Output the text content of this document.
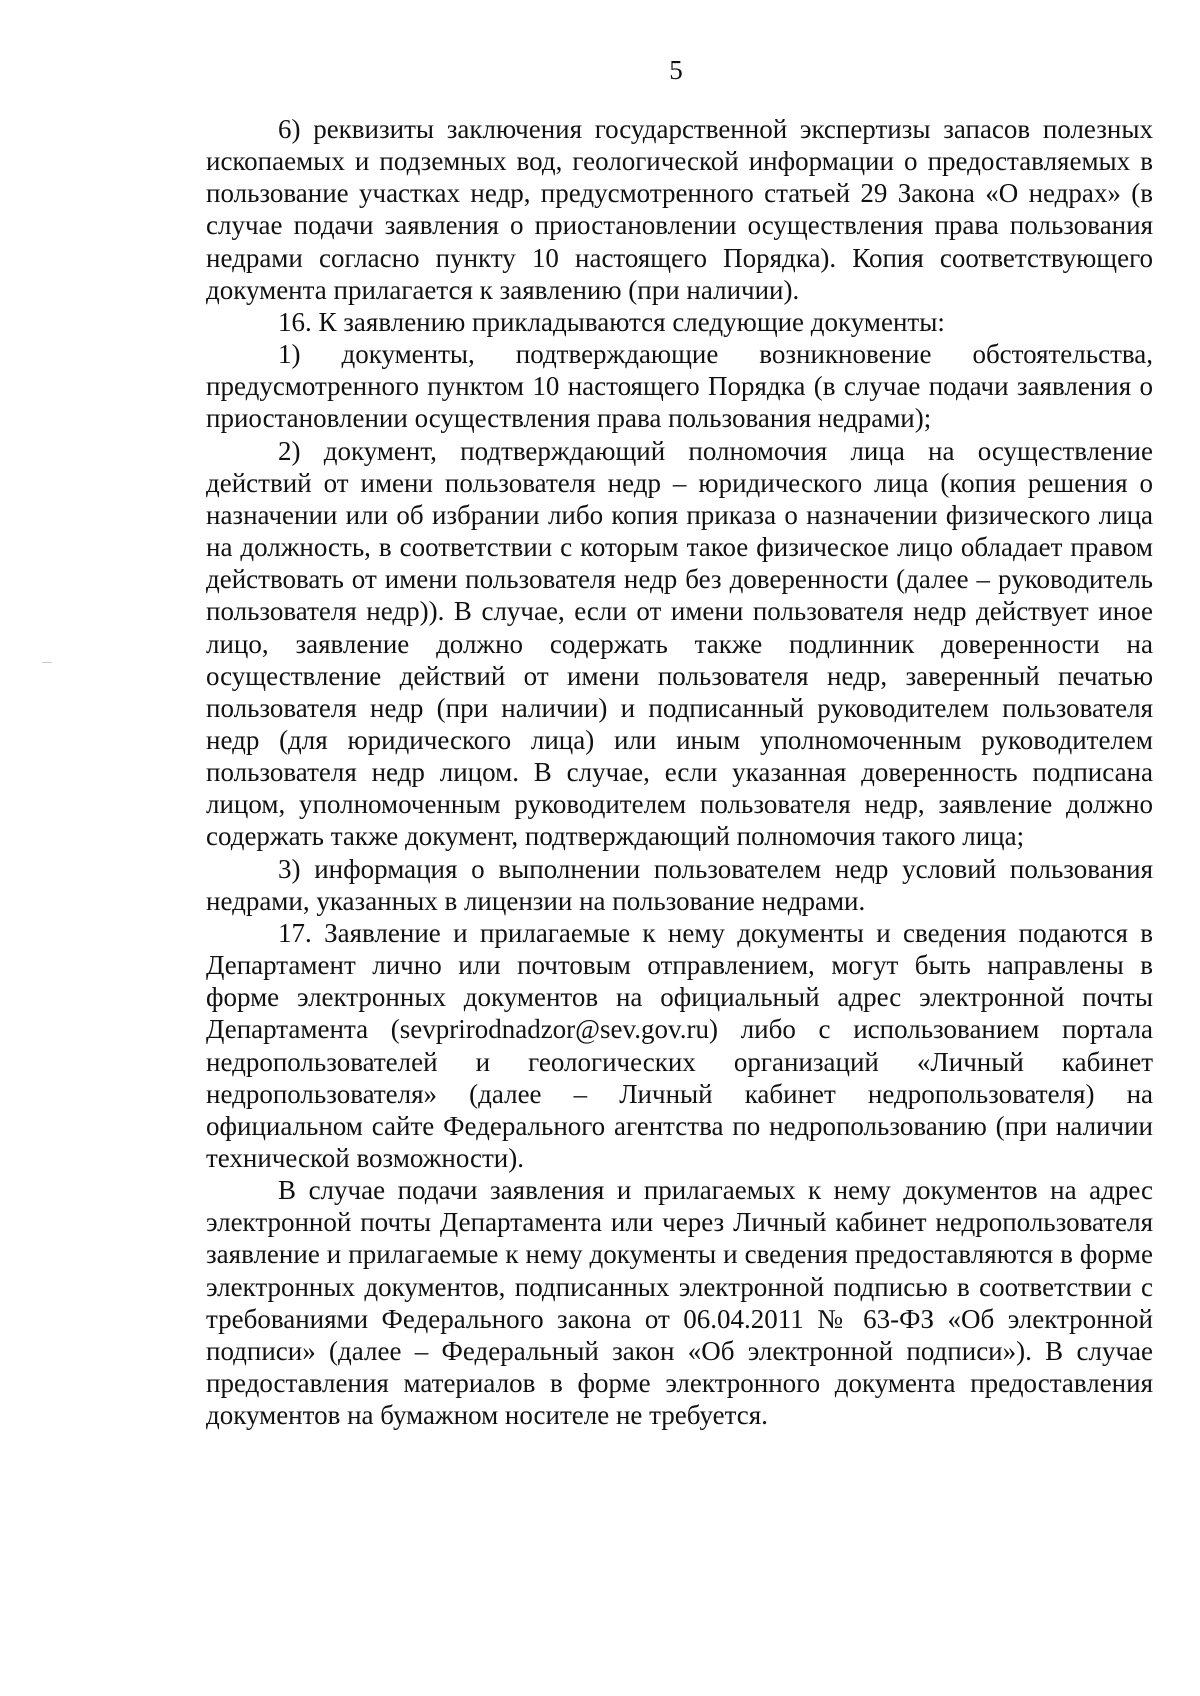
5

6) реквизиты заключения государственной экспертизы запасов полезных ископаемых и подземных вод, геологической информации о предоставляемых в пользование участках недр, предусмотренного статьей 29 Закона «О недрах» (в случае подачи заявления о приостановлении осуществления права пользования недрами согласно пункту 10 настоящего Порядка). Копия соответствующего документа прилагается к заявлению (при наличии).

16. К заявлению прикладываются следующие документы:

1) документы, подтверждающие возникновение обстоятельства, предусмотренного пунктом 10 настоящего Порядка (в случае подачи заявления о приостановлении осуществления права пользования недрами);

2) документ, подтверждающий полномочия лица на осуществление действий от имени пользователя недр – юридического лица (копия решения о назначении или об избрании либо копия приказа о назначении физического лица на должность, в соответствии с которым такое физическое лицо обладает правом действовать от имени пользователя недр без доверенности (далее – руководитель пользователя недр)). В случае, если от имени пользователя недр действует иное лицо, заявление должно содержать также подлинник доверенности на осуществление действий от имени пользователя недр, заверенный печатью пользователя недр (при наличии) и подписанный руководителем пользователя недр (для юридического лица) или иным уполномоченным руководителем пользователя недр лицом. В случае, если указанная доверенность подписана лицом, уполномоченным руководителем пользователя недр, заявление должно содержать также документ, подтверждающий полномочия такого лица;

3) информация о выполнении пользователем недр условий пользования недрами, указанных в лицензии на пользование недрами.

17. Заявление и прилагаемые к нему документы и сведения подаются в Департамент лично или почтовым отправлением, могут быть направлены в форме электронных документов на официальный адрес электронной почты Департамента (sevprirodnadzor@sev.gov.ru) либо с использованием портала недропользователей и геологических организаций «Личный кабинет недропользователя» (далее – Личный кабинет недропользователя) на официальном сайте Федерального агентства по недропользованию (при наличии технической возможности).

В случае подачи заявления и прилагаемых к нему документов на адрес электронной почты Департамента или через Личный кабинет недропользователя заявление и прилагаемые к нему документы и сведения предоставляются в форме электронных документов, подписанных электронной подписью в соответствии с требованиями Федерального закона от 06.04.2011 № 63-ФЗ «Об электронной подписи» (далее – Федеральный закон «Об электронной подписи»). В случае предоставления материалов в форме электронного документа предоставления документов на бумажном носителе не требуется.
